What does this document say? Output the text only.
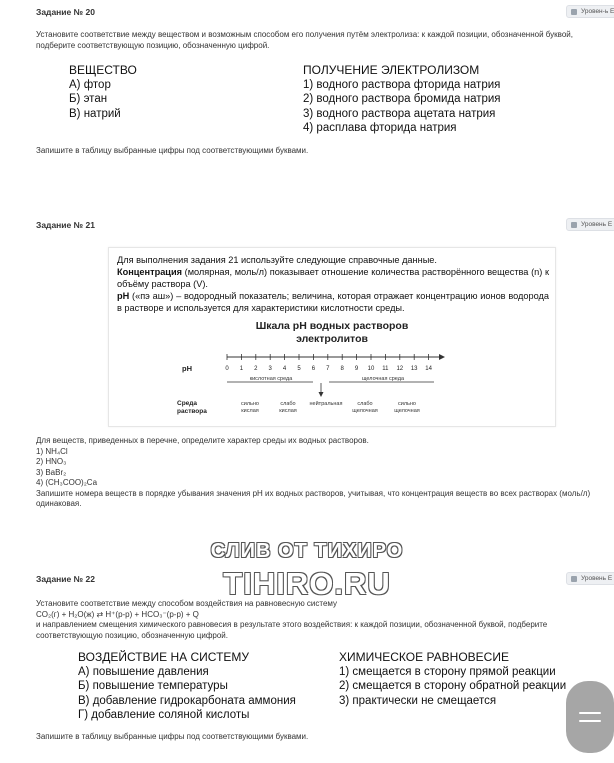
Задание № 20	Уровен-ь Е
Установите соответствие между веществом и возможным способом его получения путём электролиза: к каждой позиции, обозначенной буквой, подберите соответствующую позицию, обозначенную цифрой.
ВЕЩЕСТВО
А) фтор
Б) этан
В) натрий
ПОЛУЧЕНИЕ ЭЛЕКТРОЛИЗОМ
1) водного раствора фторида натрия
2) водного раствора бромида натрия
3) водного раствора ацетата натрия
4) расплава фторида натрия
Запишите в таблицу выбранные цифры под соответствующими буквами.
Задание № 21	Уровень Е
Для выполнения задания 21 используйте следующие справочные данные.
Концентрация (молярная, моль/л) показывает отношение количества растворённого вещества (n) к объёму раствора (V).
pH («пэ аш») – водородный показатель; величина, которая отражает концентрацию ионов водорода в растворе и используется для характеристики кислотности среды.
Шкала pH водных растворов
электролитов
pH	0 1 2 3 4 5 6 7 8 9 10 11 12 13 14
кислотная среда	щелочная среда
Среда
раствора
сильно
кислая
слабо
кислая
нейтральная	слабо
щелочная
сильно
щелочная
Для веществ, приведенных в перечне, определите характер среды их водных растворов.
1) NH₄Cl
2) HNO₃
3) BaBr₂
4) (CH₃COO)₂Ca
Запишите номера веществ в порядке убывания значения pH их водных растворов, учитывая, что концентрация веществ во всех растворах (моль/л) одинаковая.
СЛИВ ОТ ТИХИРО
TIHIRO.RU
Задание № 22	Уровень Е
Установите соответствие между способом воздействия на равновесную систему
CO₂(г) + H₂O(ж) ⇄ H⁺(р-р) + HCO₃⁻(р-р) + Q
и направлением смещения химического равновесия в результате этого воздействия: к каждой позиции, обозначенной буквой, подберите соответствующую позицию, обозначенную цифрой.
ВОЗДЕЙСТВИЕ НА СИСТЕМУ
А) повышение давления
Б) повышение температуры
В) добавление гидрокарбоната аммония
Г) добавление соляной кислоты
ХИМИЧЕСКОЕ РАВНОВЕСИЕ
1) смещается в сторону прямой реакции
2) смещается в сторону обратной реакции
3) практически не смещается
Запишите в таблицу выбранные цифры под соответствующими буквами.
